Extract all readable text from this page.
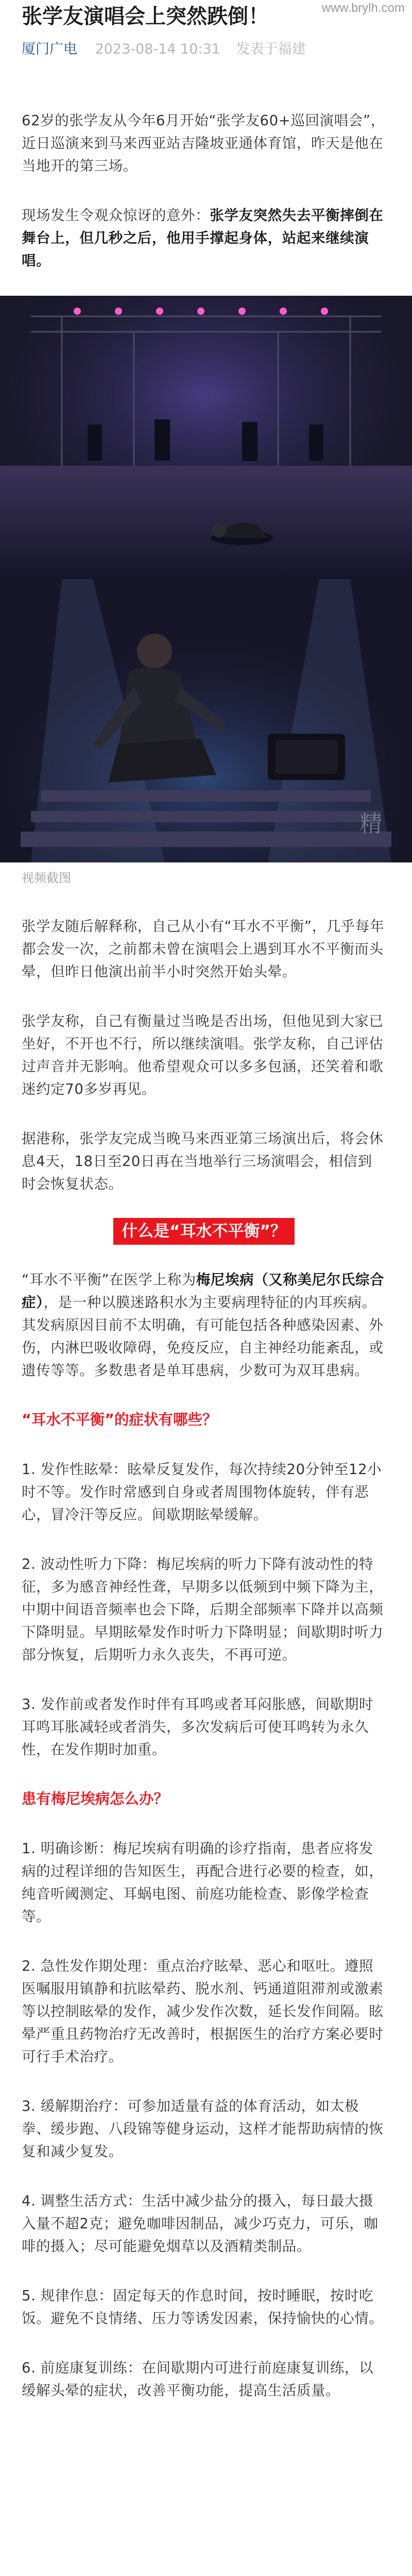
www.brylh.com
张学友演唱会上突然跌倒！
厦门广电 2023-08-14 10:31 发表于福建

62岁的张学友从今年6月开始“张学友60+巡回演唱会”，近日巡演来到马来西亚站吉隆坡亚通体育馆，昨天是他在当地开的第三场。

现场发生令观众惊讶的意外：张学友突然失去平衡摔倒在舞台上，但几秒之后，他用手撑起身体，站起来继续演唱。

精
视频截图

张学友随后解释称，自己从小有“耳水不平衡”，几乎每年都会发一次，之前都未曾在演唱会上遇到耳水不平衡而头晕，但昨日他演出前半小时突然开始头晕。

张学友称，自己有衡量过当晚是否出场，但他见到大家已坐好，不开也不行，所以继续演唱。张学友称，自己评估过声音并无影响。他希望观众可以多多包涵，还笑着和歌迷约定70多岁再见。

据港称，张学友完成当晚马来西亚第三场演出后，将会休息4天，18日至20日再在当地举行三场演唱会，相信到时会恢复状态。

什么是“耳水不平衡”？

“耳水不平衡”在医学上称为梅尼埃病（又称美尼尔氏综合症），是一种以膜迷路积水为主要病理特征的内耳疾病。其发病原因目前不太明确，有可能包括各种感染因素、外伤，内淋巴吸收障碍，免疫反应，自主神经功能紊乱，或遗传等等。多数患者是单耳患病，少数可为双耳患病。

“耳水不平衡”的症状有哪些？

1. 发作性眩晕：眩晕反复发作，每次持续20分钟至12小时不等。发作时常感到自身或者周围物体旋转，伴有恶心，冒冷汗等反应。间歇期眩晕缓解。

2. 波动性听力下降：梅尼埃病的听力下降有波动性的特征，多为感音神经性聋，早期多以低频到中频下降为主，中期中间语音频率也会下降，后期全部频率下降并以高频下降明显。早期眩晕发作时听力下降明显；间歇期时听力部分恢复，后期听力永久丧失，不再可逆。

3. 发作前或者发作时伴有耳鸣或者耳闷胀感，间歇期时耳鸣耳胀减轻或者消失，多次发病后可使耳鸣转为永久性，在发作期时加重。

患有梅尼埃病怎么办？

1. 明确诊断：梅尼埃病有明确的诊疗指南，患者应将发病的过程详细的告知医生，再配合进行必要的检查，如，纯音听阈测定、耳蜗电图、前庭功能检查、影像学检查等。

2. 急性发作期处理：重点治疗眩晕、恶心和呕吐。遵照医嘱服用镇静和抗眩晕药、脱水剂、钙通道阻滞剂或激素等以控制眩晕的发作，减少发作次数，延长发作间隔。眩晕严重且药物治疗无改善时，根据医生的治疗方案必要时可行手术治疗。

3. 缓解期治疗：可参加适量有益的体育活动，如太极拳、缓步跑、八段锦等健身运动，这样才能帮助病情的恢复和减少复发。

4. 调整生活方式：生活中减少盐分的摄入，每日最大摄入量不超2克；避免咖啡因制品，减少巧克力，可乐，咖啡的摄入；尽可能避免烟草以及酒精类制品。

5. 规律作息：固定每天的作息时间，按时睡眠，按时吃饭。避免不良情绪、压力等诱发因素，保持愉快的心情。

6. 前庭康复训练：在间歇期内可进行前庭康复训练，以缓解头晕的症状，改善平衡功能，提高生活质量。
